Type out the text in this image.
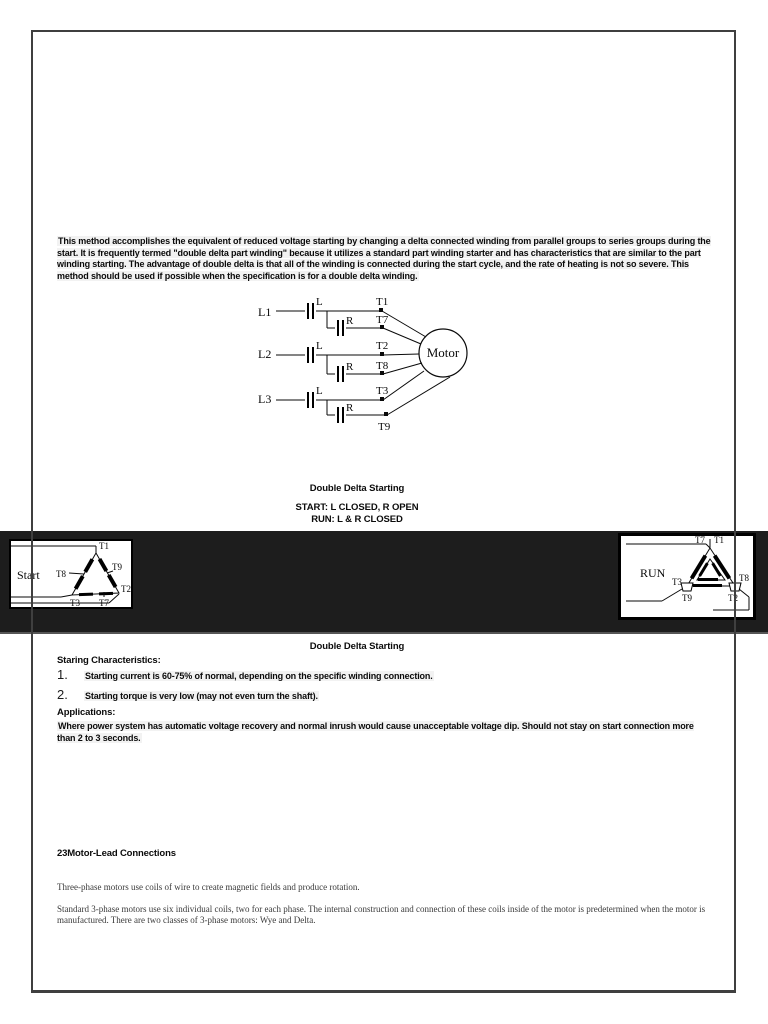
This method accomplishes the equivalent of reduced voltage starting by changing a delta connected winding from parallel groups to series groups during the start. It is frequently termed "double delta part winding" because it utilizes a standard part winding starter and has characteristics that are similar to the part winding starting. The advantage of double delta is that all of the winding is connected during the start cycle, and the rate of heating is not so severe. This method should be used if possible when the specification is for a double delta winding.
L1
L	T1
R T7
L2
L	T2
R T8
L3
L	T3
R
T9
Motor
Double Delta Starting
START: L CLOSED, R OPEN
RUN: L & R CLOSED
Start
T1
T8
T9
T2
T3 T7
RUN
T7 T1
T3	T8
T9	T2
Double Delta Starting
Staring Characteristics:
1.	Starting current is 60-75% of normal, depending on the specific winding connection.
2.	Starting torque is very low (may not even turn the shaft).
Applications:
Where power system has automatic voltage recovery and normal inrush would cause unacceptable voltage dip. Should not stay on start connection more than 2 to 3 seconds.
23Motor-Lead Connections
Three-phase motors use coils of wire to create magnetic fields and produce rotation.
Standard 3-phase motors use six individual coils, two for each phase. The internal construction and connection of these coils inside of the motor is predetermined when the motor is manufactured. There are two classes of 3-phase motors: Wye and Delta.
